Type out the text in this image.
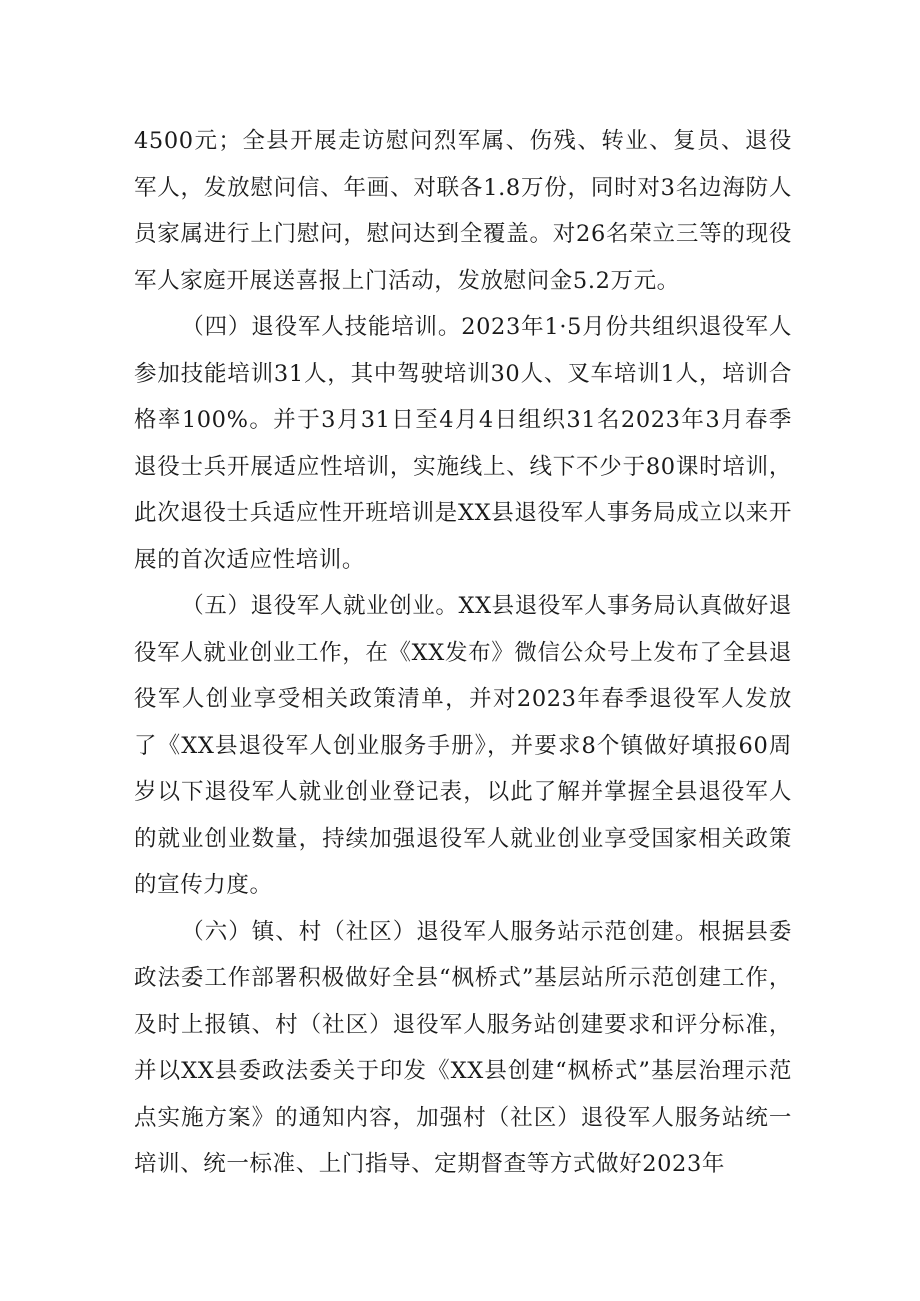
4500元；全县开展走访慰问烈军属、伤残、转业、复员、退役军人，发放慰问信、年画、对联各1.8万份，同时对3名边海防人员家属进行上门慰问，慰问达到全覆盖。对26名荣立三等的现役军人家庭开展送喜报上门活动，发放慰问金5.2万元。

（四）退役军人技能培训。2023年1·5月份共组织退役军人参加技能培训31人，其中驾驶培训30人、叉车培训1人，培训合格率100%。并于3月31日至4月4日组织31名2023年3月春季退役士兵开展适应性培训，实施线上、线下不少于80课时培训，此次退役士兵适应性开班培训是XX县退役军人事务局成立以来开展的首次适应性培训。

（五）退役军人就业创业。XX县退役军人事务局认真做好退役军人就业创业工作，在《XX发布》微信公众号上发布了全县退役军人创业享受相关政策清单，并对2023年春季退役军人发放了《XX县退役军人创业服务手册》，并要求8个镇做好填报60周岁以下退役军人就业创业登记表，以此了解并掌握全县退役军人的就业创业数量，持续加强退役军人就业创业享受国家相关政策的宣传力度。

（六）镇、村（社区）退役军人服务站示范创建。根据县委政法委工作部署积极做好全县“枫桥式”基层站所示范创建工作，及时上报镇、村（社区）退役军人服务站创建要求和评分标准，并以XX县委政法委关于印发《XX县创建“枫桥式”基层治理示范点实施方案》的通知内容，加强村（社区）退役军人服务站统一培训、统一标准、上门指导、定期督查等方式做好2023年
